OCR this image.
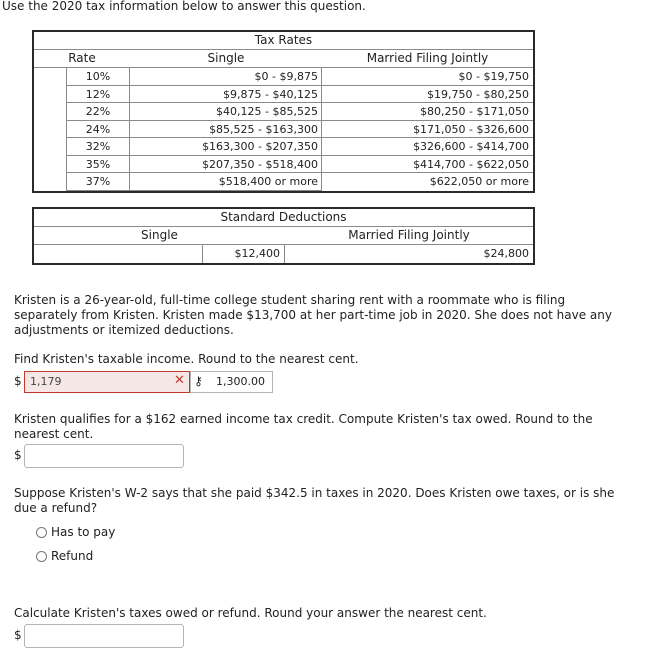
Use the 2020 tax information below to answer this question.
Tax Rates
Rate	Single	Married Filing Jointly
10%	$0 - $9,875	$0 - $19,750
12%	$9,875 - $40,125	$19,750 - $80,250
22%	$40,125 - $85,525	$80,250 - $171,050
24%	$85,525 - $163,300	$171,050 - $326,600
32%	$163,300 - $207,350	$326,600 - $414,700
35%	$207,350 - $518,400	$414,700 - $622,050
37%	$518,400 or more	$622,050 or more
Standard Deductions
Single	Married Filing Jointly
$12,400	$24,800
Kristen is a 26-year-old, full-time college student sharing rent with a roommate who is filing separately from Kristen. Kristen made $13,700 at her part-time job in 2020. She does not have any adjustments or itemized deductions.
Find Kristen's taxable income. Round to the nearest cent.
$ 1,179	✕	1,300.00
⚷
Kristen qualifies for a $162 earned income tax credit. Compute Kristen's tax owed. Round to the nearest cent.
$
Suppose Kristen's W-2 says that she paid $342.5 in taxes in 2020. Does Kristen owe taxes, or is she due a refund?
Has to pay
Refund
Calculate Kristen's taxes owed or refund. Round your answer the nearest cent.
$
